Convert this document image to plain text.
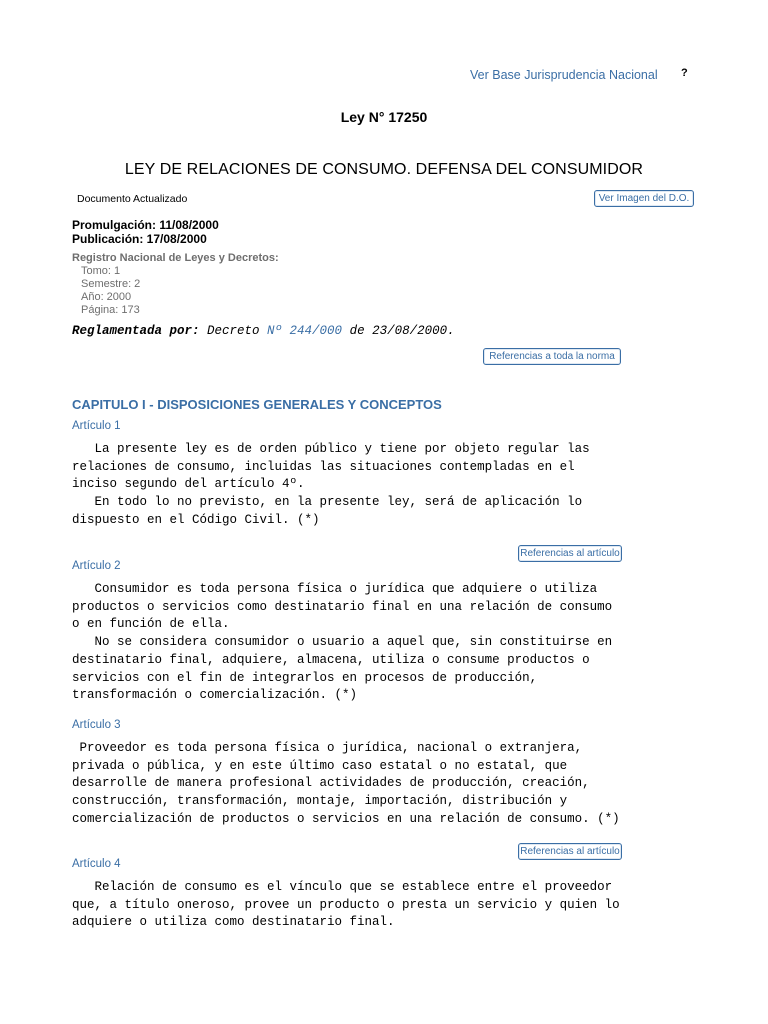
Ver Base Jurisprudencia Nacional ?
Ley N° 17250
LEY DE RELACIONES DE CONSUMO. DEFENSA DEL CONSUMIDOR
Documento Actualizado	Ver Imagen del D.O.
Promulgación: 11/08/2000
Publicación: 17/08/2000
Registro Nacional de Leyes y Decretos:
Tomo: 1
Semestre: 2
Año: 2000
Página: 173
Reglamentada por: Decreto Nº 244/000 de 23/08/2000.
Referencias a toda la norma
CAPITULO I - DISPOSICIONES GENERALES Y CONCEPTOS
Artículo 1
La presente ley es de orden público y tiene por objeto regular las
relaciones de consumo, incluidas las situaciones contempladas en el
inciso segundo del artículo 4º.
En todo lo no previsto, en la presente ley, será de aplicación lo
dispuesto en el Código Civil. (*)
Referencias al artículo
Artículo 2
Consumidor es toda persona física o jurídica que adquiere o utiliza
productos o servicios como destinatario final en una relación de consumo
o en función de ella.
No se considera consumidor o usuario a aquel que, sin constituirse en
destinatario final, adquiere, almacena, utiliza o consume productos o
servicios con el fin de integrarlos en procesos de producción,
transformación o comercialización. (*)
Artículo 3
Proveedor es toda persona física o jurídica, nacional o extranjera,
privada o pública, y en este último caso estatal o no estatal, que
desarrolle de manera profesional actividades de producción, creación,
construcción, transformación, montaje, importación, distribución y
comercialización de productos o servicios en una relación de consumo. (*)
Referencias al artículo
Artículo 4
Relación de consumo es el vínculo que se establece entre el proveedor
que, a título oneroso, provee un producto o presta un servicio y quien lo
adquiere o utiliza como destinatario final.
